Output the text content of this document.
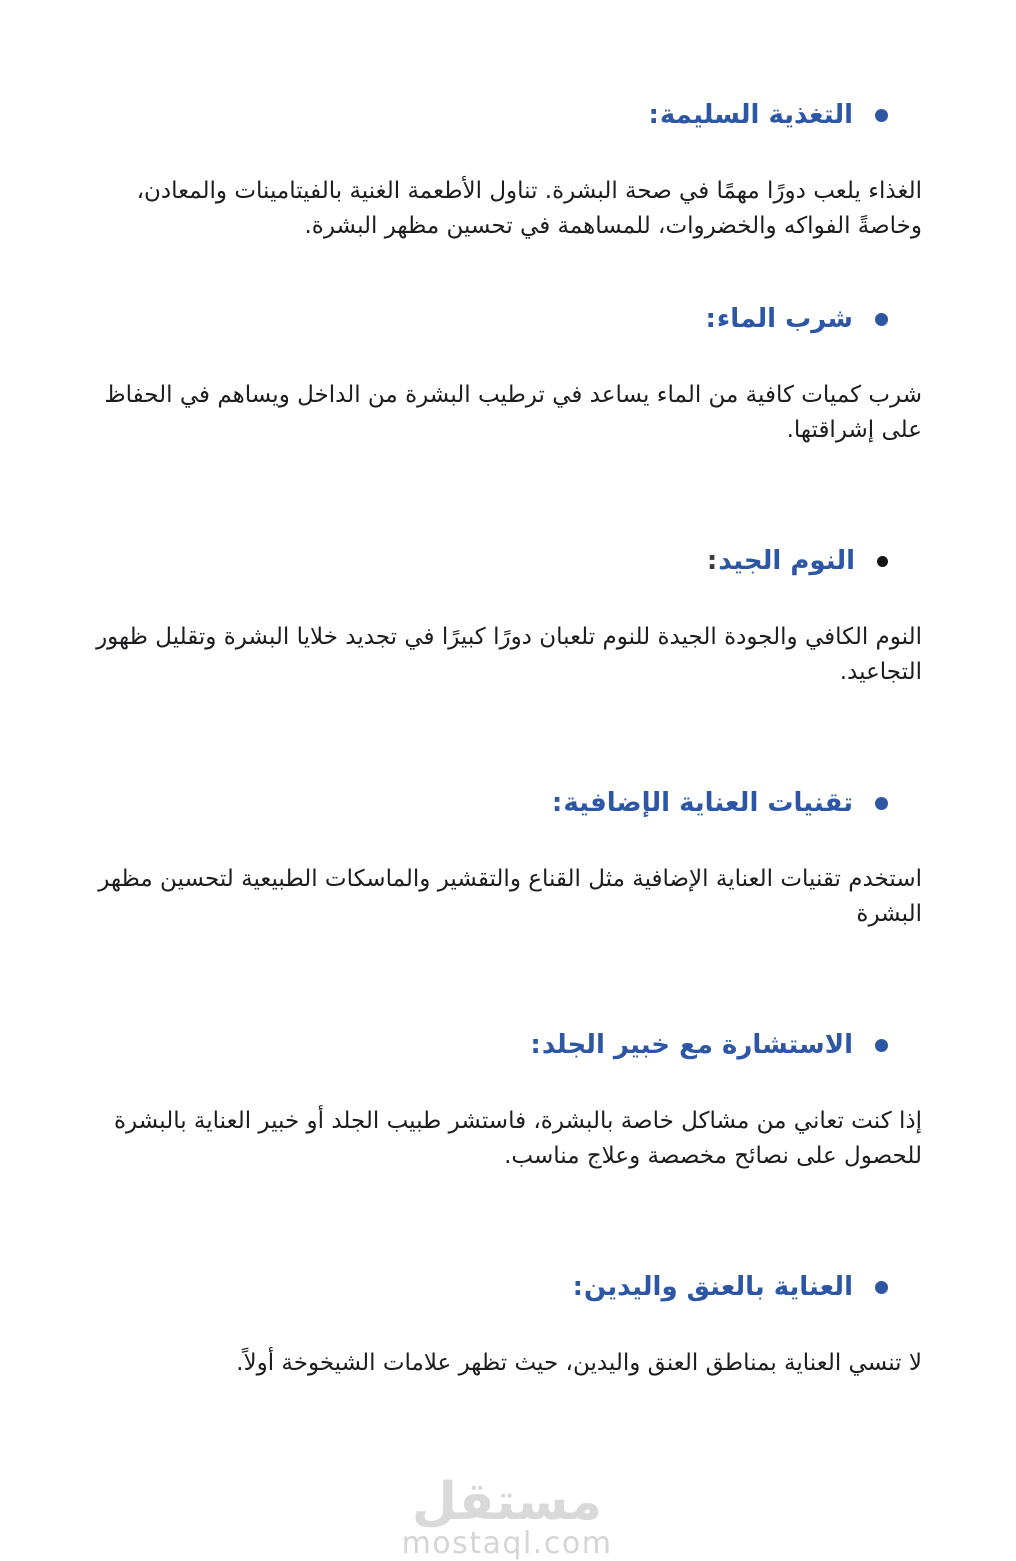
التغذية السليمة
:

الغذاء يلعب دورًا مهمًا في صحة البشرة. تناول الأطعمة الغنية بالفيتامينات والمعادن، وخاصةً الفواكه والخضروات، للمساهمة في تحسين مظهر البشرة.

شرب الماء
:

شرب كميات كافية من الماء يساعد في ترطيب البشرة من الداخل ويساهم في الحفاظ على إشراقتها.

النوم الجيد
:

النوم الكافي والجودة الجيدة للنوم تلعبان دورًا كبيرًا في تجديد خلايا البشرة وتقليل ظهور التجاعيد.

تقنيات العناية الإضافية
:

استخدم تقنيات العناية الإضافية مثل القناع والتقشير والماسكات الطبيعية لتحسين مظهر البشرة

الاستشارة مع خبير الجلد
:

إذا كنت تعاني من مشاكل خاصة بالبشرة، فاستشر طبيب الجلد أو خبير العناية بالبشرة للحصول على نصائح مخصصة وعلاج مناسب.

العناية بالعنق واليدين
:

لا تنسي العناية بمناطق العنق واليدين، حيث تظهر علامات الشيخوخة أولاً.

مستقل
mostaql.com
